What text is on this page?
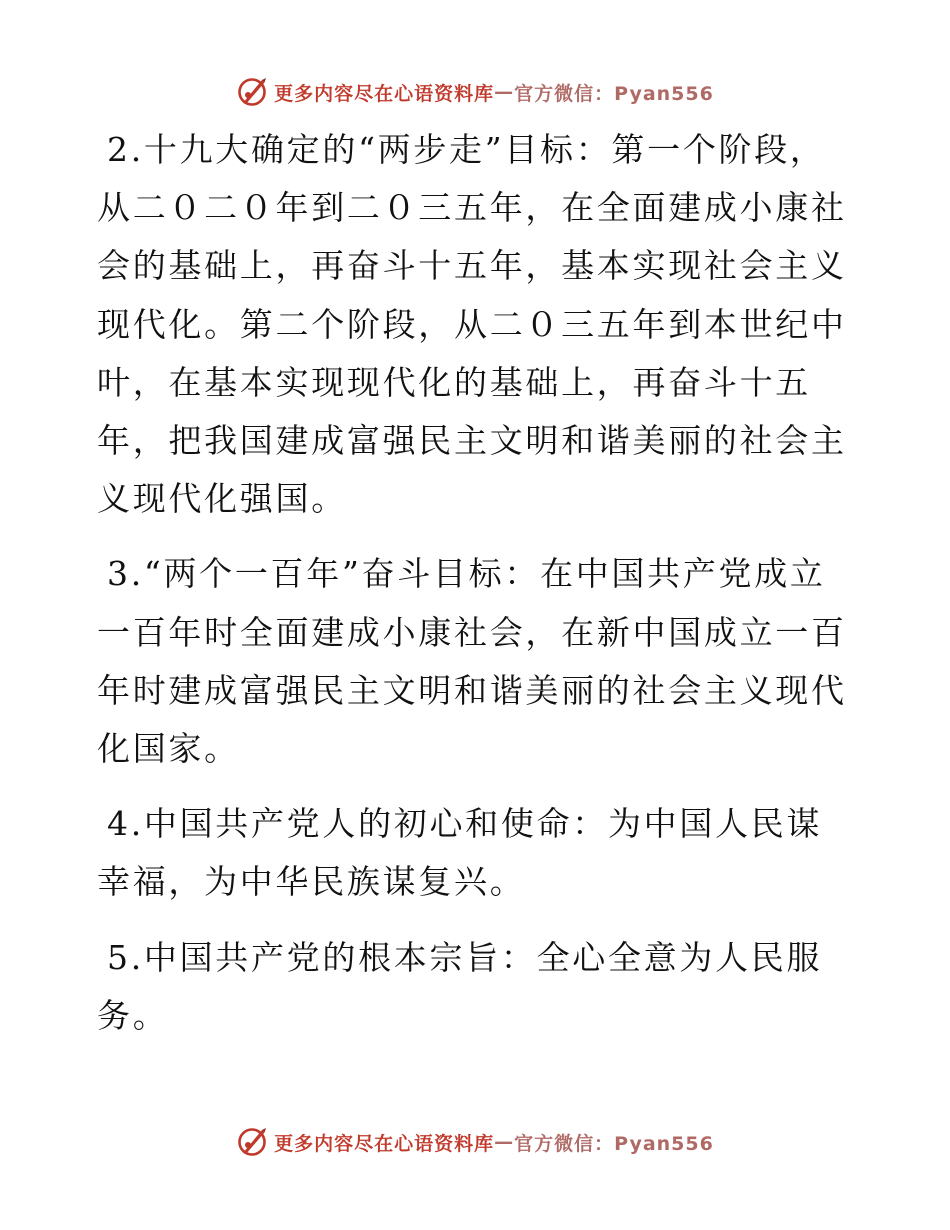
更多内容尽在心语资料库 — 官方微信：Pyan556

2.十九大确定的“两步走”目标：第一个阶段，从二０二０年到二０三五年，在全面建成小康社会的基础上，再奋斗十五年，基本实现社会主义现代化。第二个阶段，从二０三五年到本世纪中叶，在基本实现现代化的基础上，再奋斗十五年，把我国建成富强民主文明和谐美丽的社会主义现代化强国。

3.“两个一百年”奋斗目标：在中国共产党成立一百年时全面建成小康社会，在新中国成立一百年时建成富强民主文明和谐美丽的社会主义现代化国家。

4.中国共产党人的初心和使命：为中国人民谋幸福，为中华民族谋复兴。

5.中国共产党的根本宗旨：全心全意为人民服务。

更多内容尽在心语资料库 — 官方微信：Pyan556
